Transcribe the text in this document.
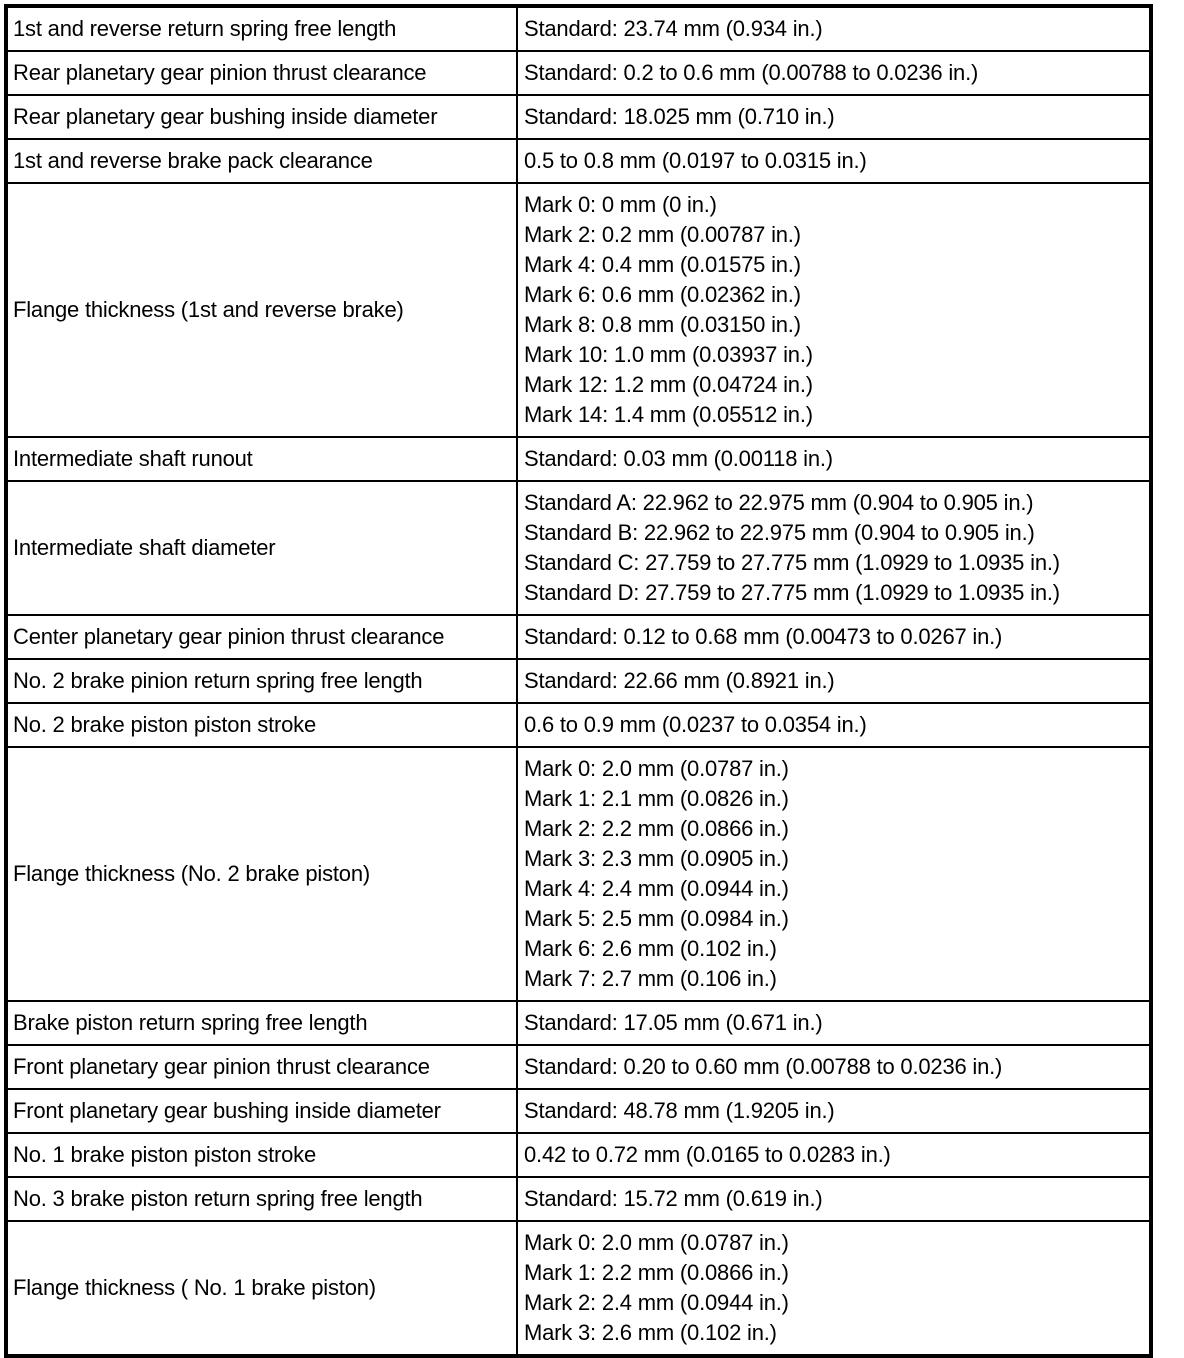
1st and reverse return spring free length	Standard: 23.74 mm (0.934 in.)

Rear planetary gear pinion thrust clearance	Standard: 0.2 to 0.6 mm (0.00788 to 0.0236 in.)

Rear planetary gear bushing inside diameter	Standard: 18.025 mm (0.710 in.)

1st and reverse brake pack clearance	0.5 to 0.8 mm (0.0197 to 0.0315 in.)

Flange thickness (1st and reverse brake)	
Mark 0: 0 mm (0 in.)
Mark 2: 0.2 mm (0.00787 in.)
Mark 4: 0.4 mm (0.01575 in.)
Mark 6: 0.6 mm (0.02362 in.)
Mark 8: 0.8 mm (0.03150 in.)
Mark 10: 1.0 mm (0.03937 in.)
Mark 12: 1.2 mm (0.04724 in.)
Mark 14: 1.4 mm (0.05512 in.)

Intermediate shaft runout	Standard: 0.03 mm (0.00118 in.)

Intermediate shaft diameter	Standard A: 22.962 to 22.975 mm (0.904 to 0.905 in.)
Standard B: 22.962 to 22.975 mm (0.904 to 0.905 in.)
Standard C: 27.759 to 27.775 mm (1.0929 to 1.0935 in.)
Standard D: 27.759 to 27.775 mm (1.0929 to 1.0935 in.)

Center planetary gear pinion thrust clearance	Standard: 0.12 to 0.68 mm (0.00473 to 0.0267 in.)

No. 2 brake pinion return spring free length	Standard: 22.66 mm (0.8921 in.)

No. 2 brake piston piston stroke	0.6 to 0.9 mm (0.0237 to 0.0354 in.)

Flange thickness (No. 2 brake piston)	
Mark 0: 2.0 mm (0.0787 in.)
Mark 1: 2.1 mm (0.0826 in.)
Mark 2: 2.2 mm (0.0866 in.)
Mark 3: 2.3 mm (0.0905 in.)
Mark 4: 2.4 mm (0.0944 in.)
Mark 5: 2.5 mm (0.0984 in.)
Mark 6: 2.6 mm (0.102 in.)
Mark 7: 2.7 mm (0.106 in.)

Brake piston return spring free length	Standard: 17.05 mm (0.671 in.)

Front planetary gear pinion thrust clearance	Standard: 0.20 to 0.60 mm (0.00788 to 0.0236 in.)

Front planetary gear bushing inside diameter	Standard: 48.78 mm (1.9205 in.)

No. 1 brake piston piston stroke	0.42 to 0.72 mm (0.0165 to 0.0283 in.)

No. 3 brake piston return spring free length	Standard: 15.72 mm (0.619 in.)

Flange thickness ( No. 1 brake piston)	Mark 0: 2.0 mm (0.0787 in.)
Mark 1: 2.2 mm (0.0866 in.)
Mark 2: 2.4 mm (0.0944 in.)
Mark 3: 2.6 mm (0.102 in.)
